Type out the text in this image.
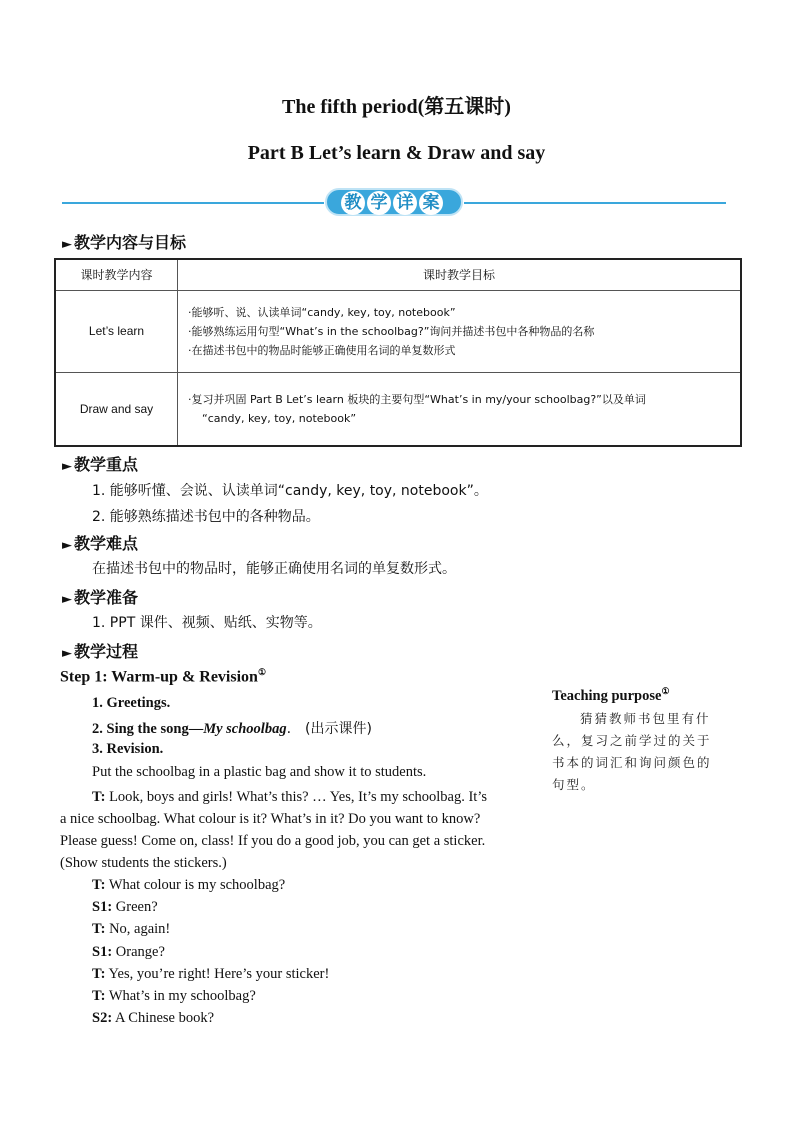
The fifth period(第五课时)
Part B Let’s learn & Draw and say
教 学 详 案
► 教学内容与目标
课时教学内容	课时教学目标
Let’s learn	·能够听、说、认读单词“candy, key, toy, notebook”
·能够熟练运用句型“What’s in the schoolbag?”询问并描述书包中各种物品的名称
·在描述书包中的物品时能够正确使用名词的单复数形式

Draw and say	·复习并巩固 Part B Let’s learn 板块的主要句型“What’s in my/your schoolbag?”以及单词
“candy, key, toy, notebook”
► 教学重点
1. 能够听懂、会说、认读单词“candy, key, toy, notebook”。
2. 能够熟练描述书包中的各种物品。
► 教学难点
在描述书包中的物品时，能够正确使用名词的单复数形式。
► 教学准备
1. PPT 课件、视频、贴纸、实物等。
► 教学过程
Step 1: Warm-up & Revision①
1. Greetings.
2. Sing the song—My schoolbag.　(出示课件)
3. Revision.
Put the schoolbag in a plastic bag and show it to students.
T: Look, boys and girls! What’s this? … Yes, It’s my schoolbag. It’s
a nice schoolbag. What colour is it? What’s in it? Do you want to know?
Please guess! Come on, class! If you do a good job, you can get a sticker.
(Show students the stickers.)
T: What colour is my schoolbag?
S1: Green?
T: No, again!
S1: Orange?
T: Yes, you’re right! Here’s your sticker!
T: What’s in my schoolbag?
S2: A Chinese book?
Teaching purpose①
猜猜教师书包里有什么，复习之前学过的关于书本的词汇和询问颜色的句型。
